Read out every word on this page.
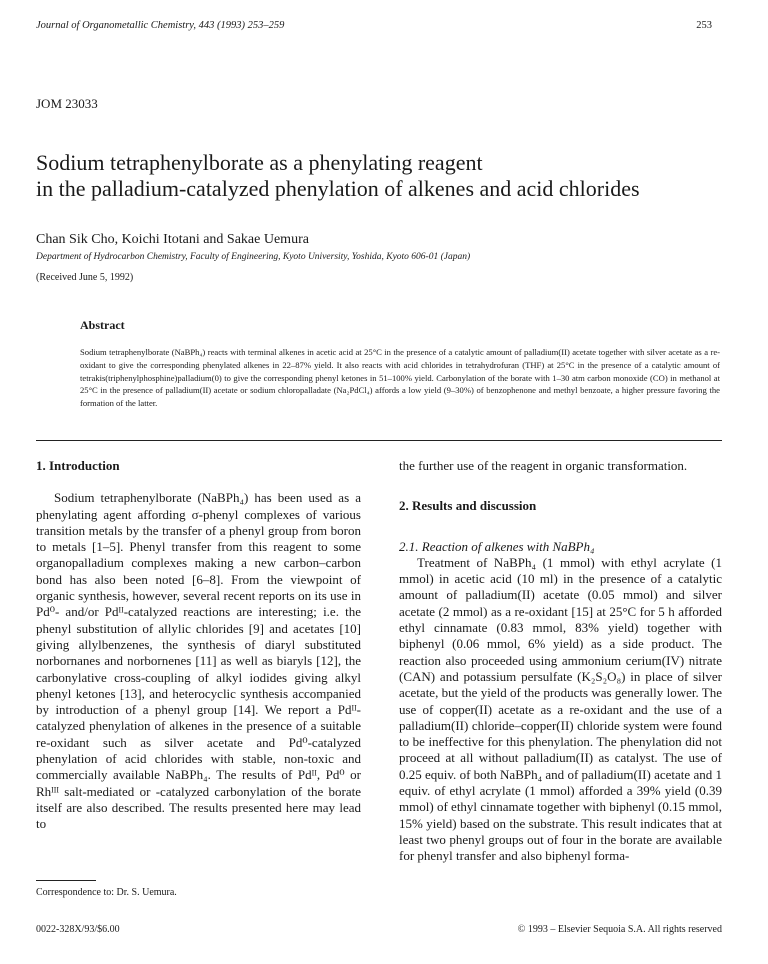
Journal of Organometallic Chemistry, 443 (1993) 253–259	253
JOM 23033
Sodium tetraphenylborate as a phenylating reagent
in the palladium-catalyzed phenylation of alkenes and acid chlorides
Chan Sik Cho, Koichi Itotani and Sakae Uemura
Department of Hydrocarbon Chemistry, Faculty of Engineering, Kyoto University, Yoshida, Kyoto 606-01 (Japan)
(Received June 5, 1992)
Abstract
Sodium tetraphenylborate (NaBPh₄) reacts with terminal alkenes in acetic acid at 25°C in the presence of a catalytic amount of palladium(II) acetate together with silver acetate as a re-oxidant to give the corresponding phenylated alkenes in 22–87% yield. It also reacts with acid chlorides in tetrahydrofuran (THF) at 25°C in the presence of a catalytic amount of tetrakis(triphenylphosphine)palladium(0) to give the corresponding phenyl ketones in 51–100% yield. Carbonylation of the borate with 1–30 atm carbon monoxide (CO) in methanol at 25°C in the presence of palladium(II) acetate or sodium chloropalladate (Na₂PdCl₄) affords a low yield (9–30%) of benzophenone and methyl benzoate, a higher pressure favoring the formation of the latter.
1. Introduction

Sodium tetraphenylborate (NaBPh₄) has been used as a phenylating agent affording σ-phenyl complexes of various transition metals by the transfer of a phenyl group from boron to metals [1–5]. Phenyl transfer from this reagent to some organopalladium complexes making a new carbon–carbon bond has also been noted [6–8]. From the viewpoint of organic synthesis, however, several recent reports on its use in Pd⁰- and/or Pdᴵᴵ-catalyzed reactions are interesting; i.e. the phenyl substitution of allylic chlorides [9] and acetates [10] giving allylbenzenes, the synthesis of diaryl substituted norbornanes and norbornenes [11] as well as biaryls [12], the carbonylative cross-coupling of alkyl iodides giving alkyl phenyl ketones [13], and heterocyclic synthesis accompanied by introduction of a phenyl group [14]. We report a Pdᴵᴵ-catalyzed phenylation of alkenes in the presence of a suitable re-oxidant such as silver acetate and Pd⁰-catalyzed phenylation of acid chlorides with stable, non-toxic and commercially available NaBPh₄. The results of Pdᴵᴵ, Pd⁰ or Rhᴵᴵᴵ salt-mediated or -catalyzed carbonylation of the borate itself are also described. The results presented here may lead to

the further use of the reagent in organic transformation.
2. Results and discussion
2.1. Reaction of alkenes with NaBPh₄

Treatment of NaBPh₄ (1 mmol) with ethyl acrylate (1 mmol) in acetic acid (10 ml) in the presence of a catalytic amount of palladium(II) acetate (0.05 mmol) and silver acetate (2 mmol) as a re-oxidant [15] at 25°C for 5 h afforded ethyl cinnamate (0.83 mmol, 83% yield) together with biphenyl (0.06 mmol, 6% yield) as a side product. The reaction also proceeded using ammonium cerium(IV) nitrate (CAN) and potassium persulfate (K₂S₂O₈) in place of silver acetate, but the yield of the products was generally lower. The use of copper(II) acetate as a re-oxidant and the use of a palladium(II) chloride–copper(II) chloride system were found to be ineffective for this phenylation. The phenylation did not proceed at all without palladium(II) as catalyst. The use of 0.25 equiv. of both NaBPh₄ and of palladium(II) acetate and 1 equiv. of ethyl acrylate (1 mmol) afforded a 39% yield (0.39 mmol) of ethyl cinnamate together with biphenyl (0.15 mmol, 15% yield) based on the substrate. This result indicates that at least two phenyl groups out of four in the borate are available for phenyl transfer and also biphenyl forma-

Correspondence to: Dr. S. Uemura.
0022-328X/93/$6.00	© 1993 – Elsevier Sequoia S.A. All rights reserved
